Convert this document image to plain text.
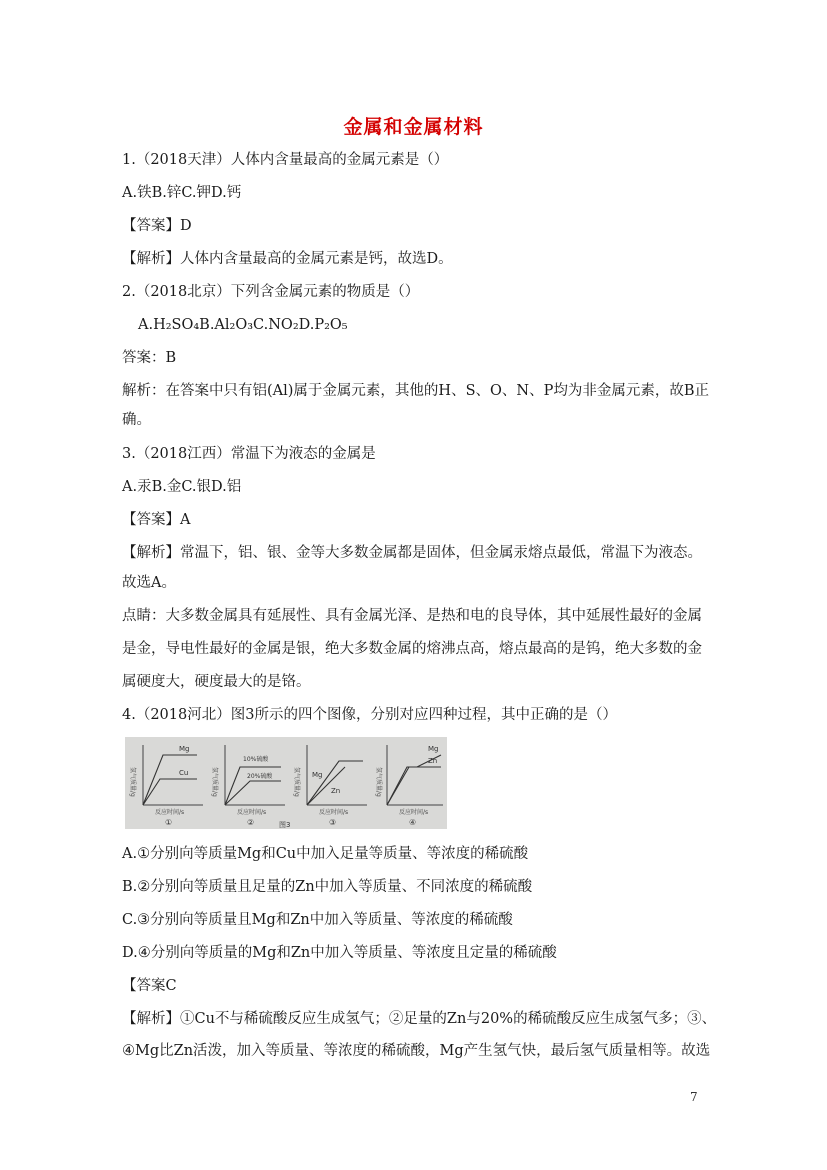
金属和金属材料
1.（2018天津）人体内含量最高的金属元素是（）
A.铁B.锌C.钾D.钙
【答案】D
【解析】人体内含量最高的金属元素是钙，故选D。
2.（2018北京）下列含金属元素的物质是（）
A.H₂SO₄B.Al₂O₃C.NO₂D.P₂O₅
答案：B
解析：在答案中只有铝(Al)属于金属元素，其他的H、S、O、N、P均为非金属元素，故B正
确。
3.（2018江西）常温下为液态的金属是
A.汞B.金C.银D.铝
【答案】A
【解析】常温下，铝、银、金等大多数金属都是固体，但金属汞熔点最低，常温下为液态。
故选A。
点睛：大多数金属具有延展性、具有金属光泽、是热和电的良导体，其中延展性最好的金属
是金，导电性最好的金属是银，绝大多数金属的熔沸点高，熔点最高的是钨，绝大多数的金
属硬度大，硬度最大的是铬。
4.（2018河北）图3所示的四个图像，分别对应四种过程，其中正确的是（）
氢气质量/g
Mg
Cu
反应时间/s
①
氢气质量/g
10%硫酸
20%硫酸
反应时间/s
②
氢气质量/g Mg
Zn
反应时间/s
③
氢气质量/g
Mg
Zn
反应时间/s
④
图3
A.①分别向等质量Mg和Cu中加入足量等质量、等浓度的稀硫酸
B.②分别向等质量且足量的Zn中加入等质量、不同浓度的稀硫酸
C.③分别向等质量且Mg和Zn中加入等质量、等浓度的稀硫酸
D.④分别向等质量的Mg和Zn中加入等质量、等浓度且定量的稀硫酸
【答案C
【解析】①Cu不与稀硫酸反应生成氢气；②足量的Zn与20%的稀硫酸反应生成氢气多；③、
④Mg比Zn活泼，加入等质量、等浓度的稀硫酸，Mg产生氢气快，最后氢气质量相等。故选
7
